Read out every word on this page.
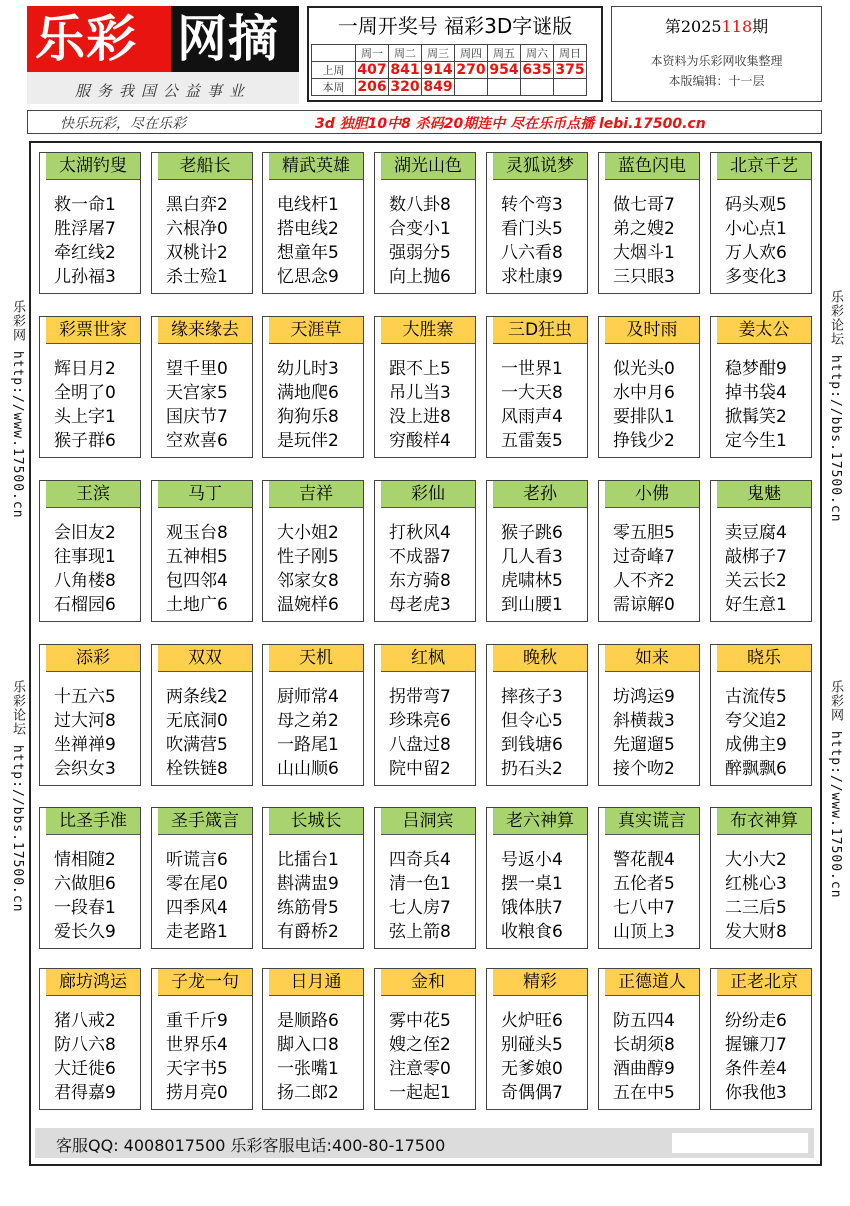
乐彩 网摘
服务我国公益事业
一周开奖号 福彩3D字谜版
	周一	周二	周三	周四	周五	周六	周日
上周	407	841	914	270	954	635	375
本周	206	320	849				
第2025118期
本资料为乐彩网收集整理
本版编辑：十一层
快乐玩彩，尽在乐彩	3d 独胆10中8 杀码20期连中 尽在乐币点播 lebi.17500.cn
乐彩网 http://www.17500.cn
乐彩论坛 http://bbs.17500.cn
乐彩论坛 http://bbs.17500.cn
乐彩网 http://www.17500.cn
太湖钓叟
救一命1
胜浮屠7
牵红线2
儿孙福3
老船长
黑白弈2
六根净0
双桃计2
杀士殓1
精武英雄
电线杆1
搭电线2
想童年5
忆思念9
湖光山色
数八卦8
合变小1
强弱分5
向上抛6
灵狐说梦
转个弯3
看门头5
八六看8
求杜康9
蓝色闪电
做七哥7
弟之嫂2
大烟斗1
三只眼3
北京千艺
码头观5
小心点1
万人欢6
多变化3
彩票世家
辉日月2
全明了0
头上字1
猴子群6
缘来缘去
望千里0
天宫家5
国庆节7
空欢喜6
天涯草
幼儿时3
满地爬6
狗狗乐8
是玩伴2
大胜寨
跟不上5
吊儿当3
没上进8
穷酸样4
三D狂虫
一世界1
一大天8
风雨声4
五雷轰5
及时雨
似光头0
水中月6
要排队1
挣钱少2
姜太公
稳梦酣9
掉书袋4
掀髯笑2
定今生1
王滨
会旧友2
往事现1
八角楼8
石榴园6
马丁
观玉台8
五神相5
包四邻4
土地广6
吉祥
大小姐2
性子刚5
邻家女8
温婉样6
彩仙
打秋风4
不成器7
东方骑8
母老虎3
老孙
猴子跳6
几人看3
虎啸林5
到山腰1
小佛
零五胆5
过奇峰7
人不齐2
需谅解0
鬼魅
卖豆腐4
敲梆子7
关云长2
好生意1
添彩
十五六5
过大河8
坐禅禅9
会织女3
双双
两条线2
无底洞0
吹满营5
栓铁链8
天机
厨师常4
母之弟2
一路尾1
山山顺6
红枫
拐带弯7
珍珠亮6
八盘过8
院中留2
晚秋
摔孩子3
但令心5
到钱塘6
扔石头2
如来
坊鸿运9
斜横裁3
先遛遛5
接个吻2
晓乐
古流传5
夸父追2
成佛主9
醉飘飘6
比圣手准
情相随2
六做胆6
一段春1
爱长久9
圣手箴言
听谎言6
零在尾0
四季风4
走老路1
长城长
比擂台1
斟满盅9
练筋骨5
有爵桥2
吕洞宾
四奇兵4
清一色1
七人房7
弦上箭8
老六神算
号返小4
摆一桌1
饿体肤7
收粮食6
真实谎言
警花靓4
五伦者5
七八中7
山顶上3
布衣神算
大小大2
红桃心3
二三后5
发大财8
廊坊鸿运
猪八戒2
防八六8
大迁徙6
君得嘉9
子龙一句
重千斤9
世界乐4
天字书5
捞月亮0
日月通
是顺路6
脚入口8
一张嘴1
扬二郎2
金和
雾中花5
嫂之侄2
注意零0
一起起1
精彩
火炉旺6
别碰头5
无爹娘0
奇偶偶7
正德道人
防五四4
长胡须8
酒曲醇9
五在中5
正老北京
纷纷走6
握镰刀7
条件差4
你我他3
客服QQ: 4008017500 乐彩客服电话:400-80-17500
